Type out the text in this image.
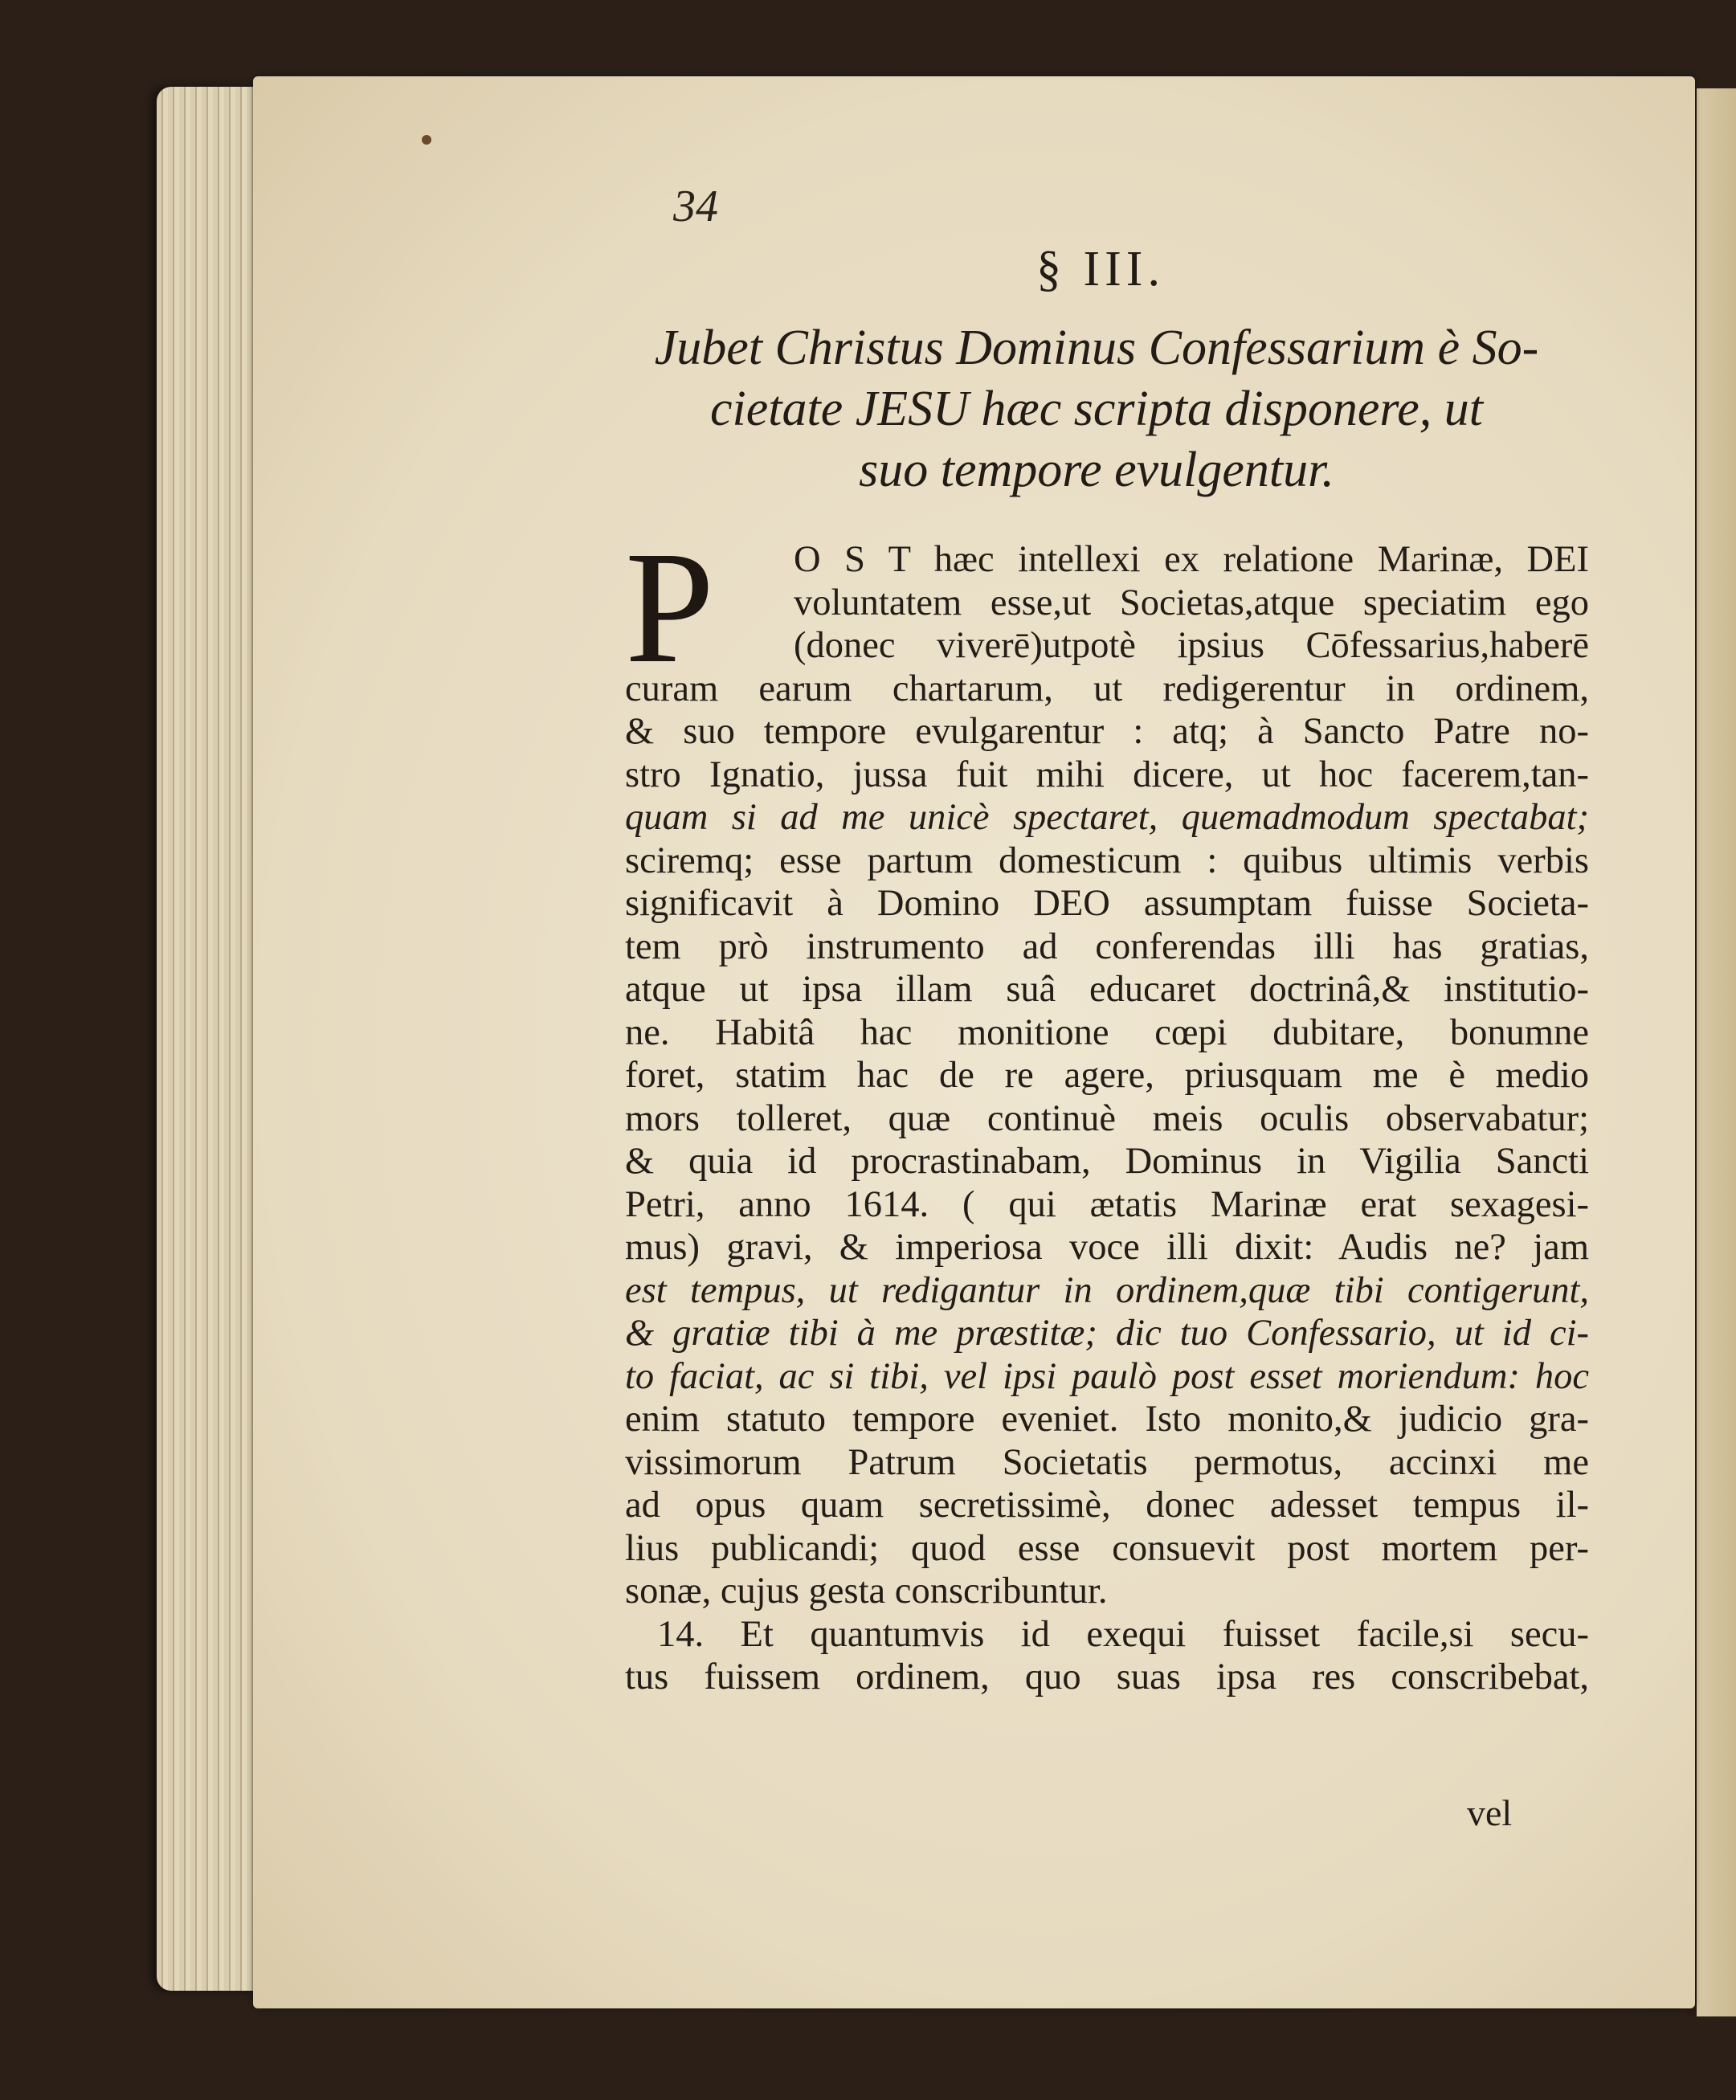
34
§ III.
Jubet Christus Dominus Confessarium è So-
cietate JESU hæc scripta disponere, ut
suo tempore evulgentur.
P	O S T hæc intellexi ex relatione Marinæ, DEI
voluntatem esse,ut Societas,atque speciatim ego
(donec viverē)utpotè ipsius Cōfessarius,haberē
curam earum chartarum, ut redigerentur in ordinem,
& suo tempore evulgarentur : atq; à Sancto Patre no-
stro Ignatio, jussa fuit mihi dicere, ut hoc facerem,tan-
quam si ad me unicè spectaret, quemadmodum spectabat;
sciremq; esse partum domesticum : quibus ultimis verbis
significavit à Domino DEO assumptam fuisse Societa-
tem prò instrumento ad conferendas illi has gratias,
atque ut ipsa illam suâ educaret doctrinâ,& institutio-
ne. Habitâ hac monitione cœpi dubitare, bonumne
foret, statim hac de re agere, priusquam me è medio
mors tolleret, quæ continuè meis oculis observabatur;
& quia id procrastinabam, Dominus in Vigilia Sancti
Petri, anno 1614. ( qui ætatis Marinæ erat sexagesi-
mus) gravi, & imperiosa voce illi dixit: Audis ne? jam
est tempus, ut redigantur in ordinem,quæ tibi contigerunt,
& gratiæ tibi à me præstitæ; dic tuo Confessario, ut id ci-
to faciat, ac si tibi, vel ipsi paulò post esset moriendum: hoc
enim statuto tempore eveniet. Isto monito,& judicio gra-
vissimorum Patrum Societatis permotus, accinxi me
ad opus quam secretissimè, donec adesset tempus il-
lius publicandi; quod esse consuevit post mortem per-
sonæ, cujus gesta conscribuntur.
14. Et quantumvis id exequi fuisset facile,si secu-
tus fuissem ordinem, quo suas ipsa res conscribebat,
vel
